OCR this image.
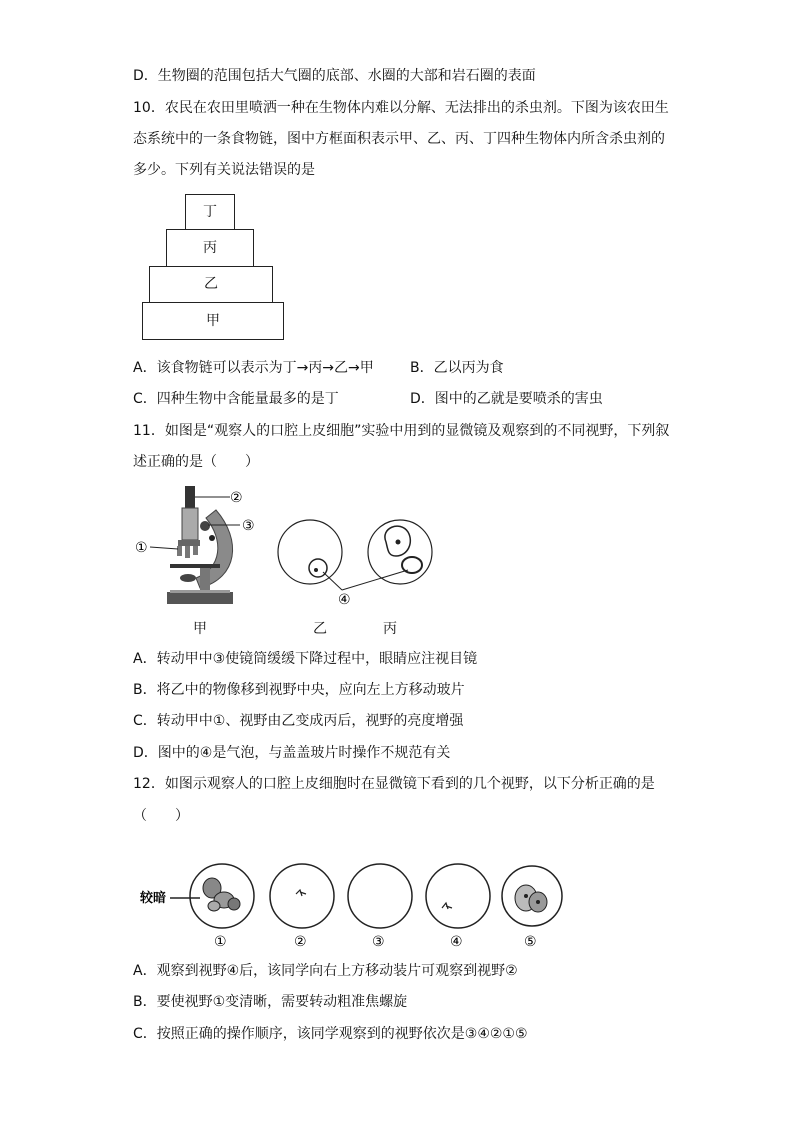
D．生物圈的范围包括大气圈的底部、水圈的大部和岩石圈的表面
10．农民在农田里喷洒一种在生物体内难以分解、无法排出的杀虫剂。下图为该农田生
态系统中的一条食物链，图中方框面积表示甲、乙、丙、丁四种生物体内所含杀虫剂的
多少。下列有关说法错误的是
丁
丙
乙
甲
A．该食物链可以表示为丁→丙→乙→甲	B．乙以丙为食
C．四种生物中含能量最多的是丁	D．图中的乙就是要喷杀的害虫
11．如图是“观察人的口腔上皮细胞”实验中用到的显微镜及观察到的不同视野，下列叙
述正确的是（　　）
②
③
①
④
甲	乙	丙
A．转动甲中③使镜筒缓缓下降过程中，眼睛应注视目镜
B．将乙中的物像移到视野中央，应向左上方移动玻片
C．转动甲中①、视野由乙变成丙后，视野的亮度增强
D．图中的④是气泡，与盖盖玻片时操作不规范有关
12．如图示观察人的口腔上皮细胞时在显微镜下看到的几个视野，以下分析正确的是
（　　）
较暗
①	②	③	④	⑤
A．观察到视野④后，该同学向右上方移动装片可观察到视野②
B．要使视野①变清晰，需要转动粗准焦螺旋
C．按照正确的操作顺序，该同学观察到的视野依次是③④②①⑤
